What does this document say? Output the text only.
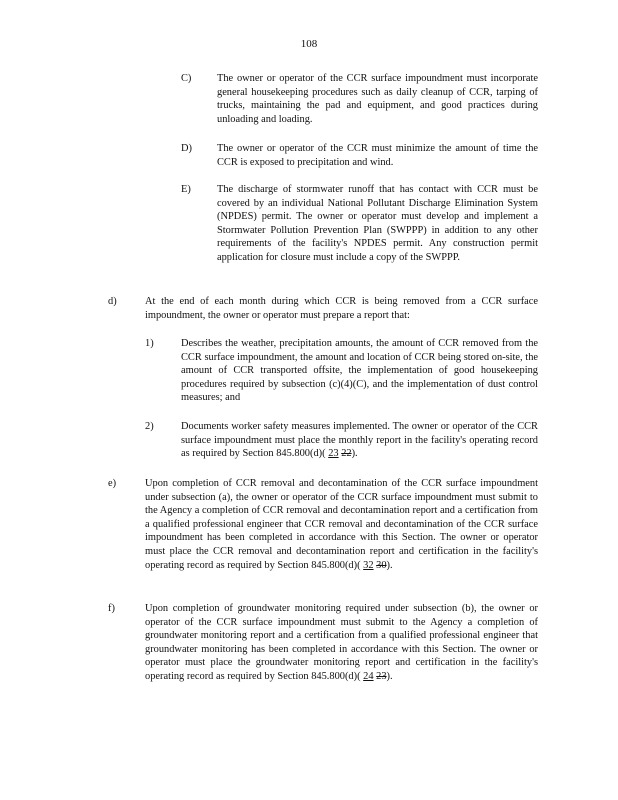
108
C) The owner or operator of the CCR surface impoundment must incorporate general housekeeping procedures such as daily cleanup of CCR, tarping of trucks, maintaining the pad and equipment, and good practices during unloading and loading.

D) The owner or operator of the CCR must minimize the amount of time the CCR is exposed to precipitation and wind.

E)	The discharge of stormwater runoff that has contact with CCR must be covered by an individual National Pollutant Discharge Elimination System (NPDES) permit. The owner or operator must develop and implement a Stormwater Pollution Prevention Plan (SWPPP) in addition to any other requirements of the facility's NPDES permit. Any construction permit application for closure must include a copy of the SWPPP.

d)	At the end of each month during which CCR is being removed from a CCR surface impoundment, the owner or operator must prepare a report that:

1)	Describes the weather, precipitation amounts, the amount of CCR removed from the CCR surface impoundment, the amount and location of CCR being stored on-site, the amount of CCR transported offsite, the implementation of good housekeeping procedures required by subsection (c)(4)(C), and the implementation of dust control measures; and

2)	Documents worker safety measures implemented. The owner or operator of the CCR surface impoundment must place the monthly report in the facility's operating record as required by Section 845.800(d)( 23 22).

e)	Upon completion of CCR removal and decontamination of the CCR surface impoundment under subsection (a), the owner or operator of the CCR surface impoundment must submit to the Agency a completion of CCR removal and decontamination report and a certification from a qualified professional engineer that CCR removal and decontamination of the CCR surface impoundment has been completed in accordance with this Section. The owner or operator must place the CCR removal and decontamination report and certification in the facility's operating record as required by Section 845.800(d)( 32 30).

f)	Upon completion of groundwater monitoring required under subsection (b), the owner or operator of the CCR surface impoundment must submit to the Agency a completion of groundwater monitoring report and a certification from a qualified professional engineer that groundwater monitoring has been completed in accordance with this Section. The owner or operator must place the groundwater monitoring report and certification in the facility's operating record as required by Section 845.800(d)( 24 23).
